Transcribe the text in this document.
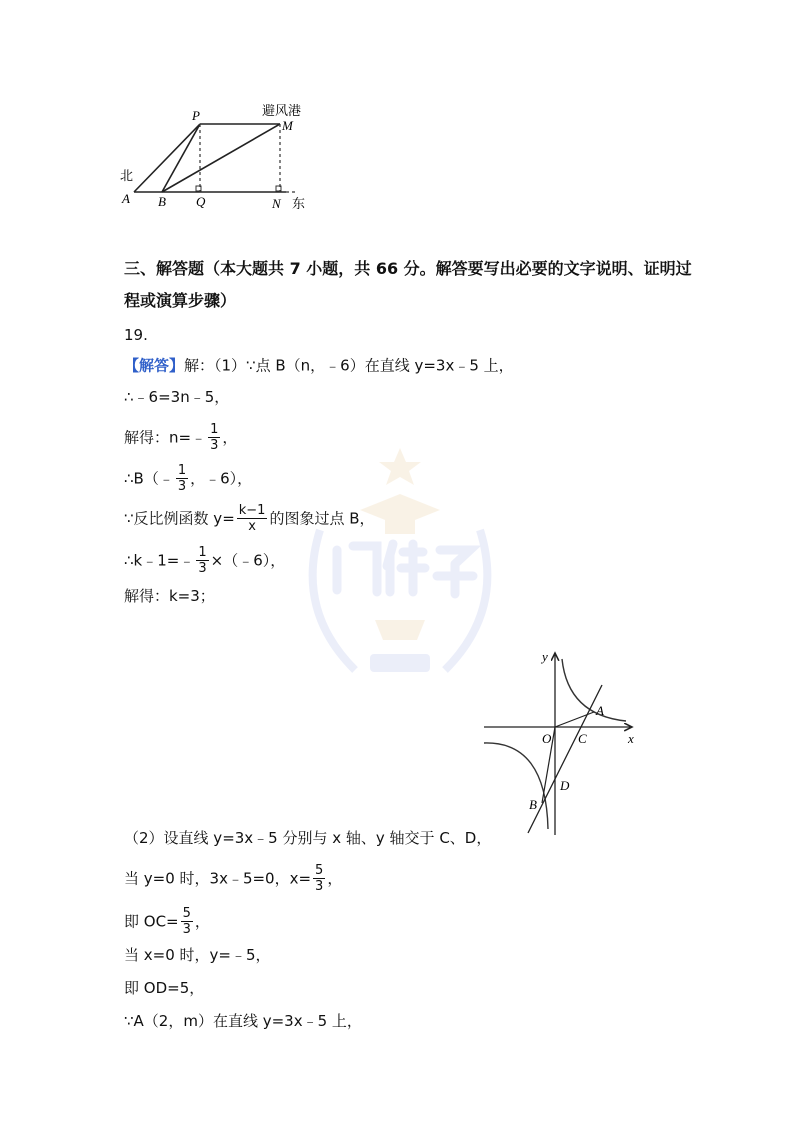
避风港
P
M
北
A B Q	N 东
三、解答题（本大题共 7 小题，共 66 分。解答要写出必要的文字说明、证明过
程或演算步骤）
19.
【解答】解：（1）∵点 B（n，﹣6）在直线 y=3x﹣5 上，
∴﹣6=3n﹣5，
解得：n=﹣ $\frac{1}{3}$ ，
∴B（﹣ $\frac{1}{3}$ ，﹣6），
∵反比例函数 $y= \frac{k-1}{x}$ 的图象过点 B，
∴k﹣1=﹣ $\frac{1}{3}$ ×（﹣6），
解得：k=3；
y
x
O
A
C
D
B
（2）设直线 y=3x﹣5 分别与 x 轴、y 轴交于 C、D，
当 y=0 时，3x﹣5=0，$x= \frac{5}{3}$ ，
即 $OC= \frac{5}{3}$ ，
当 x=0 时，y=﹣5，
即 OD=5，
∵A（2，m）在直线 y=3x﹣5 上，
